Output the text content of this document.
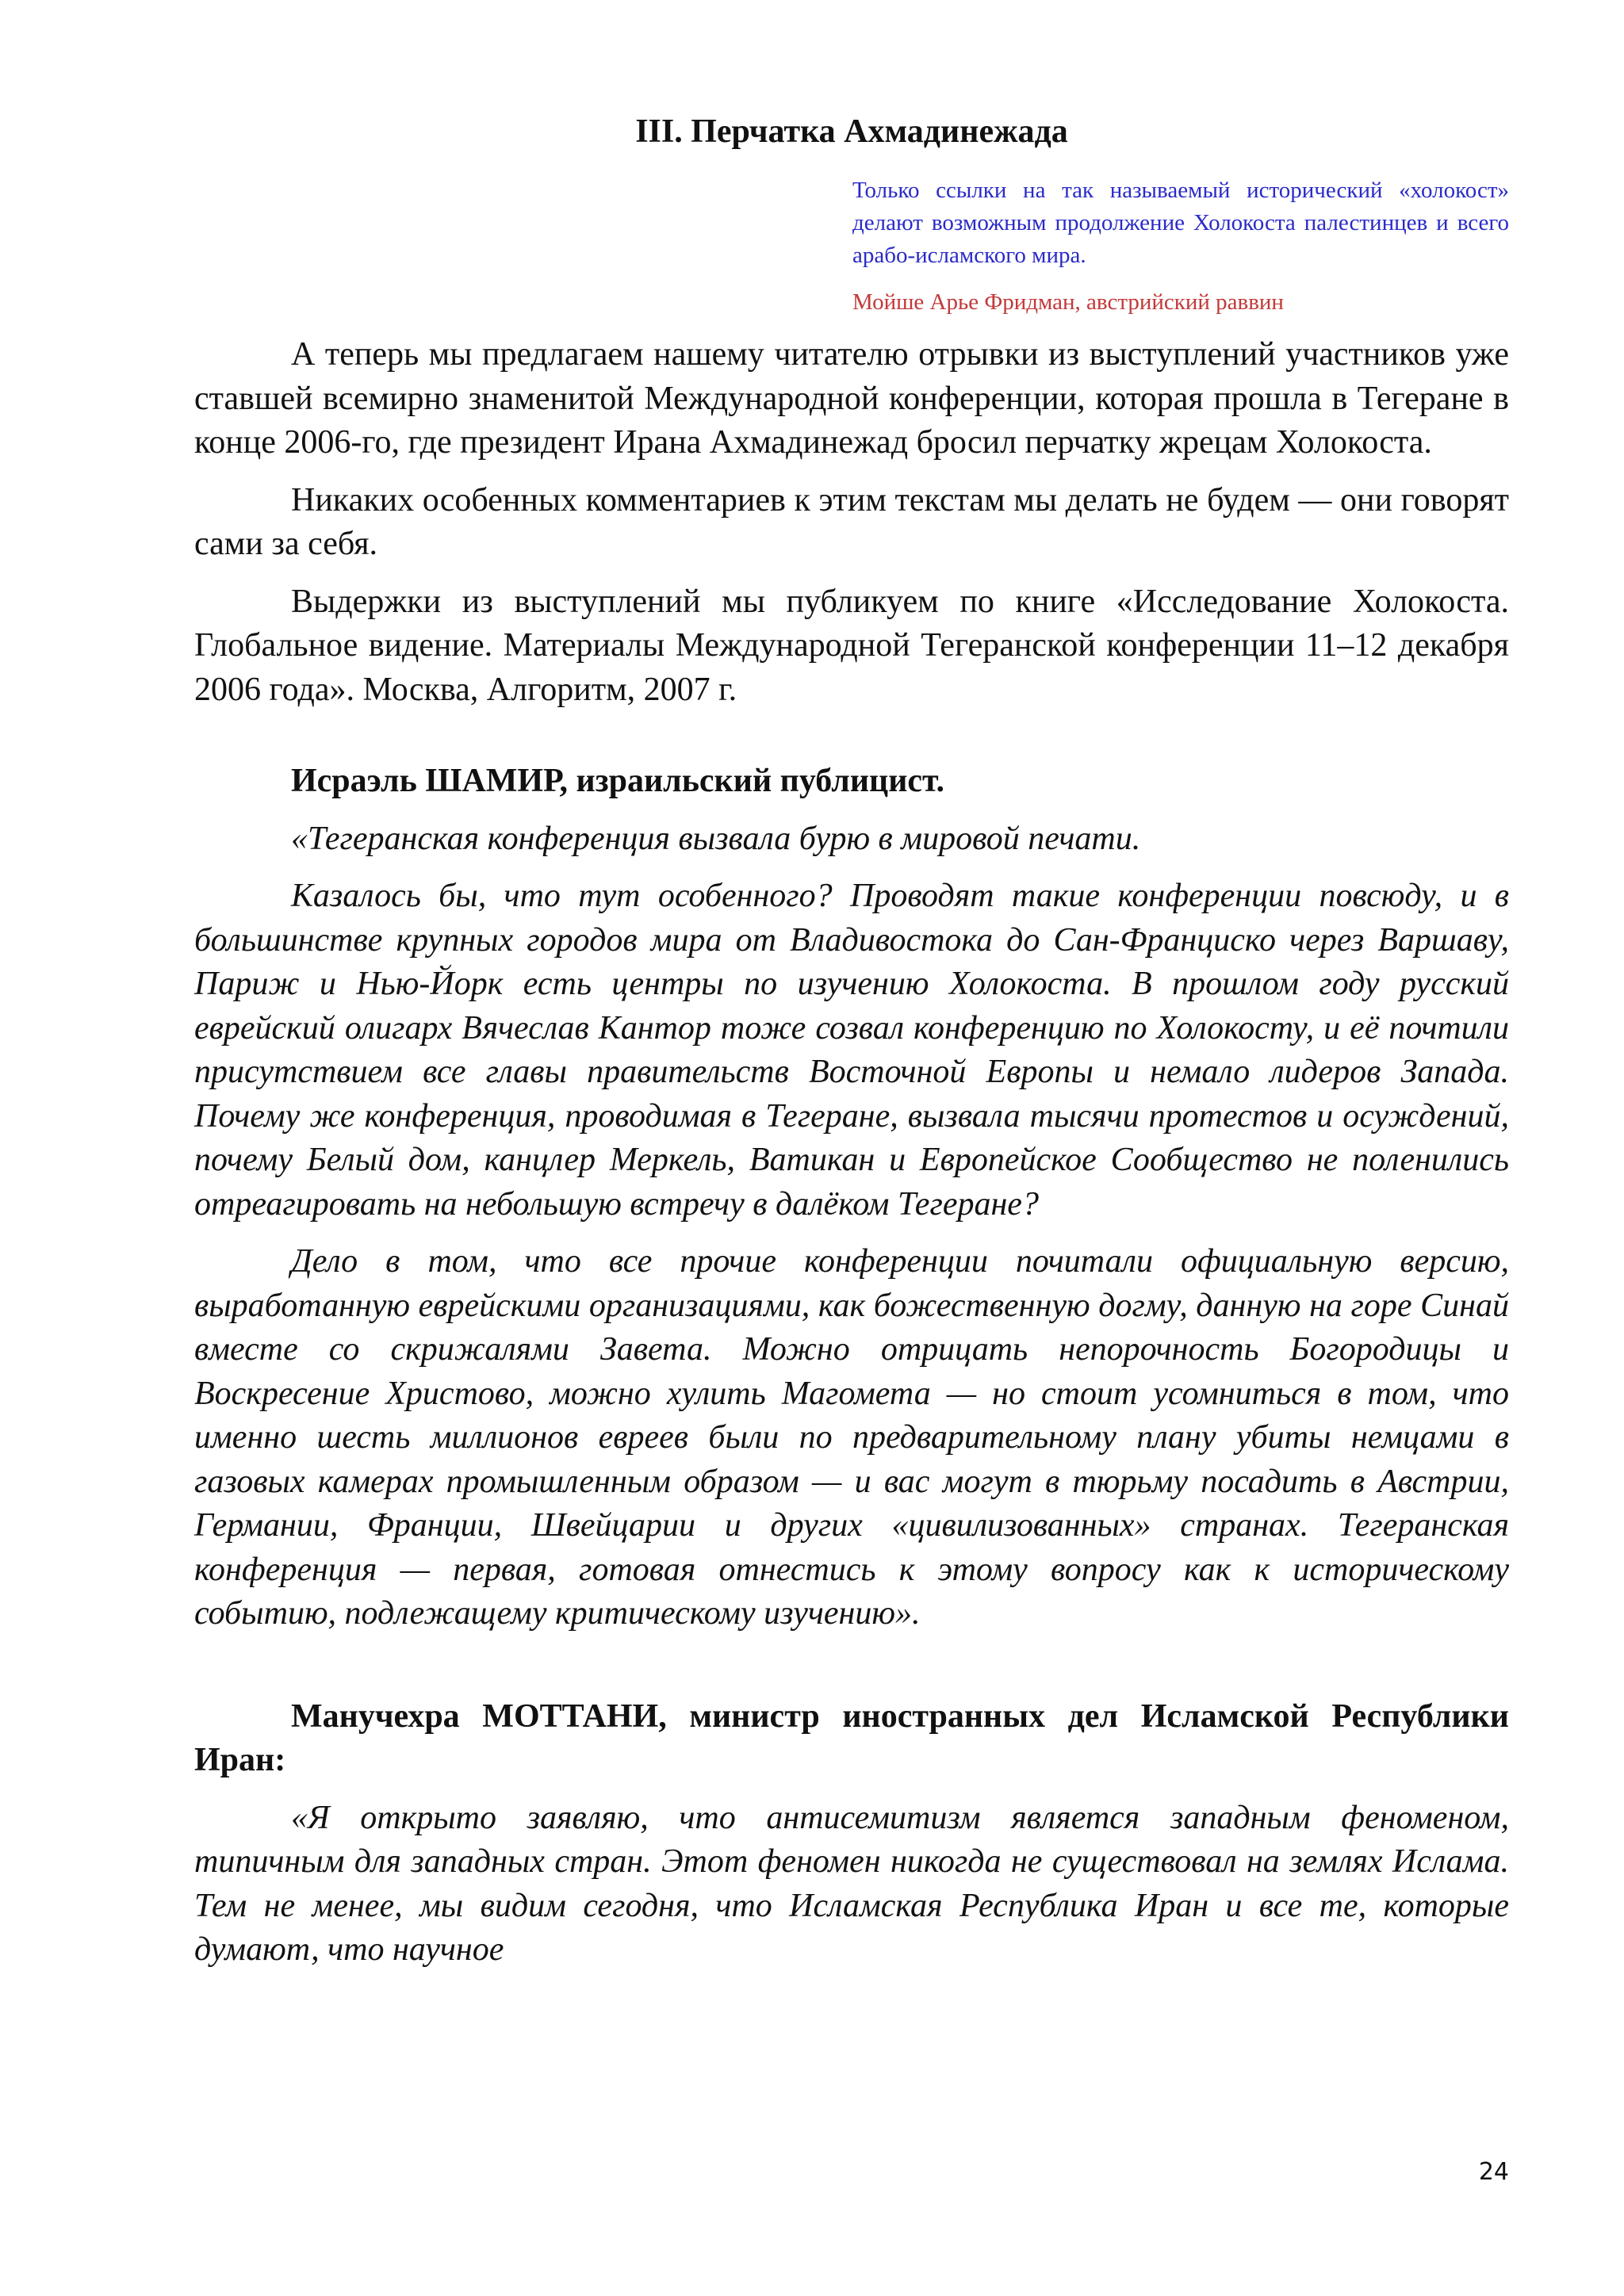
III. Перчатка Ахмадинежада

Только ссылки на так называемый исторический «холокост» делают возможным продолжение Холокоста палестинцев и всего арабо-исламского мира.

Мойше Арье Фридман, австрийский раввин

А теперь мы предлагаем нашему читателю отрывки из выступлений участников уже ставшей всемирно знаменитой Международной конференции, которая прошла в Тегеране в конце 2006-го, где президент Ирана Ахмадинежад бросил перчатку жрецам Холокоста.

Никаких особенных комментариев к этим текстам мы делать не будем — они говорят сами за себя.

Выдержки из выступлений мы публикуем по книге «Исследование Холокоста. Глобальное видение. Материалы Международной Тегеранской конференции 11–12 декабря 2006 года». Москва, Алгоритм, 2007 г.

Исраэль ШАМИР, израильский публицист.

«Тегеранская конференция вызвала бурю в мировой печати.

Казалось бы, что тут особенного? Проводят такие конференции повсюду, и в большинстве крупных городов мира от Владивостока до Сан-Франциско через Варшаву, Париж и Нью-Йорк есть центры по изучению Холокоста. В прошлом году русский еврейский олигарх Вячеслав Кантор тоже созвал конференцию по Холокосту, и её почтили присутствием все главы правительств Восточной Европы и немало лидеров Запада. Почему же конференция, проводимая в Тегеране, вызвала тысячи протестов и осуждений, почему Белый дом, канцлер Меркель, Ватикан и Европейское Сообщество не поленились отреагировать на небольшую встречу в далёком Тегеране?

Дело в том, что все прочие конференции почитали официальную версию, выработанную еврейскими организациями, как божественную догму, данную на горе Синай вместе со скрижалями Завета. Можно отрицать непорочность Богородицы и Воскресение Христово, можно хулить Магомета — но стоит усомниться в том, что именно шесть миллионов евреев были по предварительному плану убиты немцами в газовых камерах промышленным образом — и вас могут в тюрьму посадить в Австрии, Германии, Франции, Швейцарии и других «цивилизованных» странах. Тегеранская конференция — первая, готовая отнестись к этому вопросу как к историческому событию, подлежащему критическому изучению».

Манучехра МОТТАНИ, министр иностранных дел Исламской Республики Иран:

«Я открыто заявляю, что антисемитизм является западным феноменом, типичным для западных стран. Этот феномен никогда не существовал на землях Ислама. Тем не менее, мы видим сегодня, что Исламская Республика Иран и все те, которые думают, что научное

24
